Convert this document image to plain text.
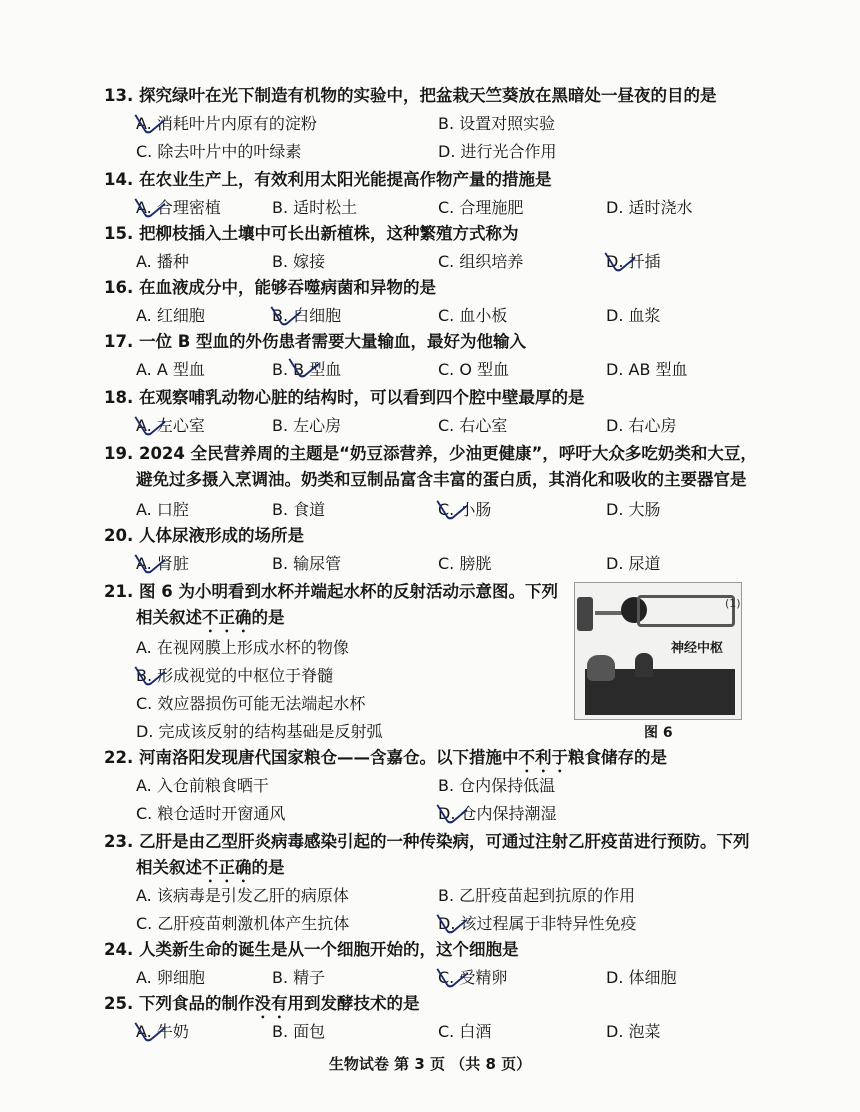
13. 探究绿叶在光下制造有机物的实验中，把盆栽天竺葵放在黑暗处一昼夜的目的是
A. 消耗叶片内原有的淀粉	B. 设置对照实验
C. 除去叶片中的叶绿素	D. 进行光合作用
14. 在农业生产上，有效利用太阳光能提高作物产量的措施是
A. 合理密植	B. 适时松土	C. 合理施肥	D. 适时浇水
15. 把柳枝插入土壤中可长出新植株，这种繁殖方式称为
A. 播种	B. 嫁接	C. 组织培养	D. 扦插
16. 在血液成分中，能够吞噬病菌和异物的是
A. 红细胞	B. 白细胞	C. 血小板	D. 血浆
17. 一位 B 型血的外伤患者需要大量输血，最好为他输入
A. A 型血	B. B 型血	C. O 型血	D. AB 型血
18. 在观察哺乳动物心脏的结构时，可以看到四个腔中壁最厚的是
A. 左心室	B. 左心房	C. 右心室	D. 右心房
19. 2024 全民营养周的主题是“奶豆添营养，少油更健康”，呼吁大众多吃奶类和大豆，
避免过多摄入烹调油。奶类和豆制品富含丰富的蛋白质，其消化和吸收的主要器官是
A. 口腔	B. 食道	C. 小肠	D. 大肠
20. 人体尿液形成的场所是
A. 肾脏	B. 输尿管	C. 膀胱	D. 尿道
21. 图 6 为小明看到水杯并端起水杯的反射活动示意图。下列
相关叙述不正确的是
A. 在视网膜上形成水杯的物像
B. 形成视觉的中枢位于脊髓
C. 效应器损伤可能无法端起水杯
D. 完成该反射的结构基础是反射弧
(1)
神经中枢
图 6
22. 河南洛阳发现唐代国家粮仓——含嘉仓。以下措施中不利于粮食储存的是
A. 入仓前粮食晒干	B. 仓内保持低温
C. 粮仓适时开窗通风	D. 仓内保持潮湿
23. 乙肝是由乙型肝炎病毒感染引起的一种传染病，可通过注射乙肝疫苗进行预防。下列
相关叙述不正确的是
A. 该病毒是引发乙肝的病原体	B. 乙肝疫苗起到抗原的作用
C. 乙肝疫苗刺激机体产生抗体	D. 该过程属于非特异性免疫
24. 人类新生命的诞生是从一个细胞开始的，这个细胞是
A. 卵细胞	B. 精子	C. 受精卵	D. 体细胞
25. 下列食品的制作没有用到发酵技术的是
A. 牛奶	B. 面包	C. 白酒	D. 泡菜
生物试卷 第 3 页 （共 8 页）
